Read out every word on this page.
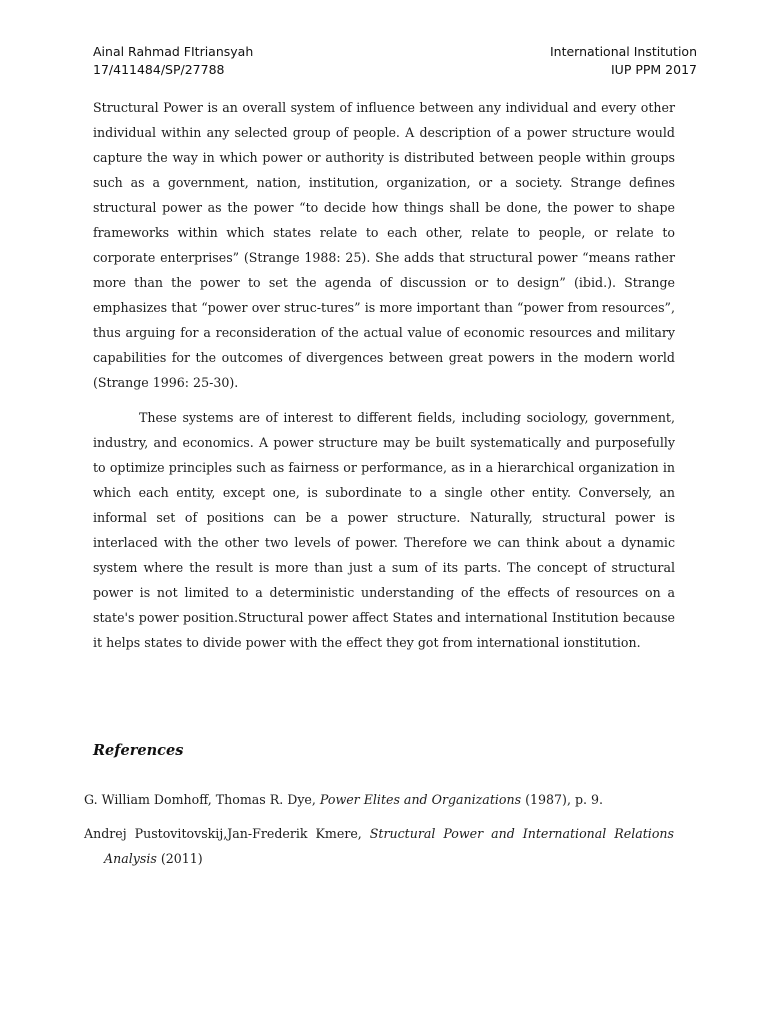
Ainal Rahmad FItriansyah	International Institution
17/411484/SP/27788	IUP PPM 2017

Structural Power is an overall system of influence between any individual and every other individual within any selected group of people. A description of a power structure would capture the way in which power or authority is distributed between people within groups such as a government, nation, institution, organization, or a society. Strange defines structural power as the power “to decide how things shall be done, the power to shape frameworks within which states relate to each other, relate to people, or relate to corporate enterprises” (Strange 1988: 25). She adds that structural power “means rather more than the power to set the agenda of discussion or to design” (ibid.). Strange emphasizes that “power over struc-tures” is more important than “power from resources”, thus arguing for a reconsideration of the actual value of economic resources and military capabilities for the outcomes of divergences between great powers in the modern world (Strange 1996: 25-30).

These systems are of interest to different fields, including sociology, government, industry, and economics. A power structure may be built systematically and purposefully to optimize principles such as fairness or performance, as in a hierarchical organization in which each entity, except one, is subordinate to a single other entity. Conversely, an informal set of positions can be a power structure. Naturally, structural power is interlaced with the other two levels of power. Therefore we can think about a dynamic system where the result is more than just a sum of its parts. The concept of structural power is not limited to a deterministic understanding of the effects of resources on a state's power position.Structural power affect States and international Institution because it helps states to divide power with the effect they got from international ionstitution.

References

G. William Domhoff, Thomas R. Dye, Power Elites and Organizations (1987), p. 9.

Andrej Pustovitovskij,Jan-Frederik Kmere, Structural Power and International Relations Analysis (2011)
